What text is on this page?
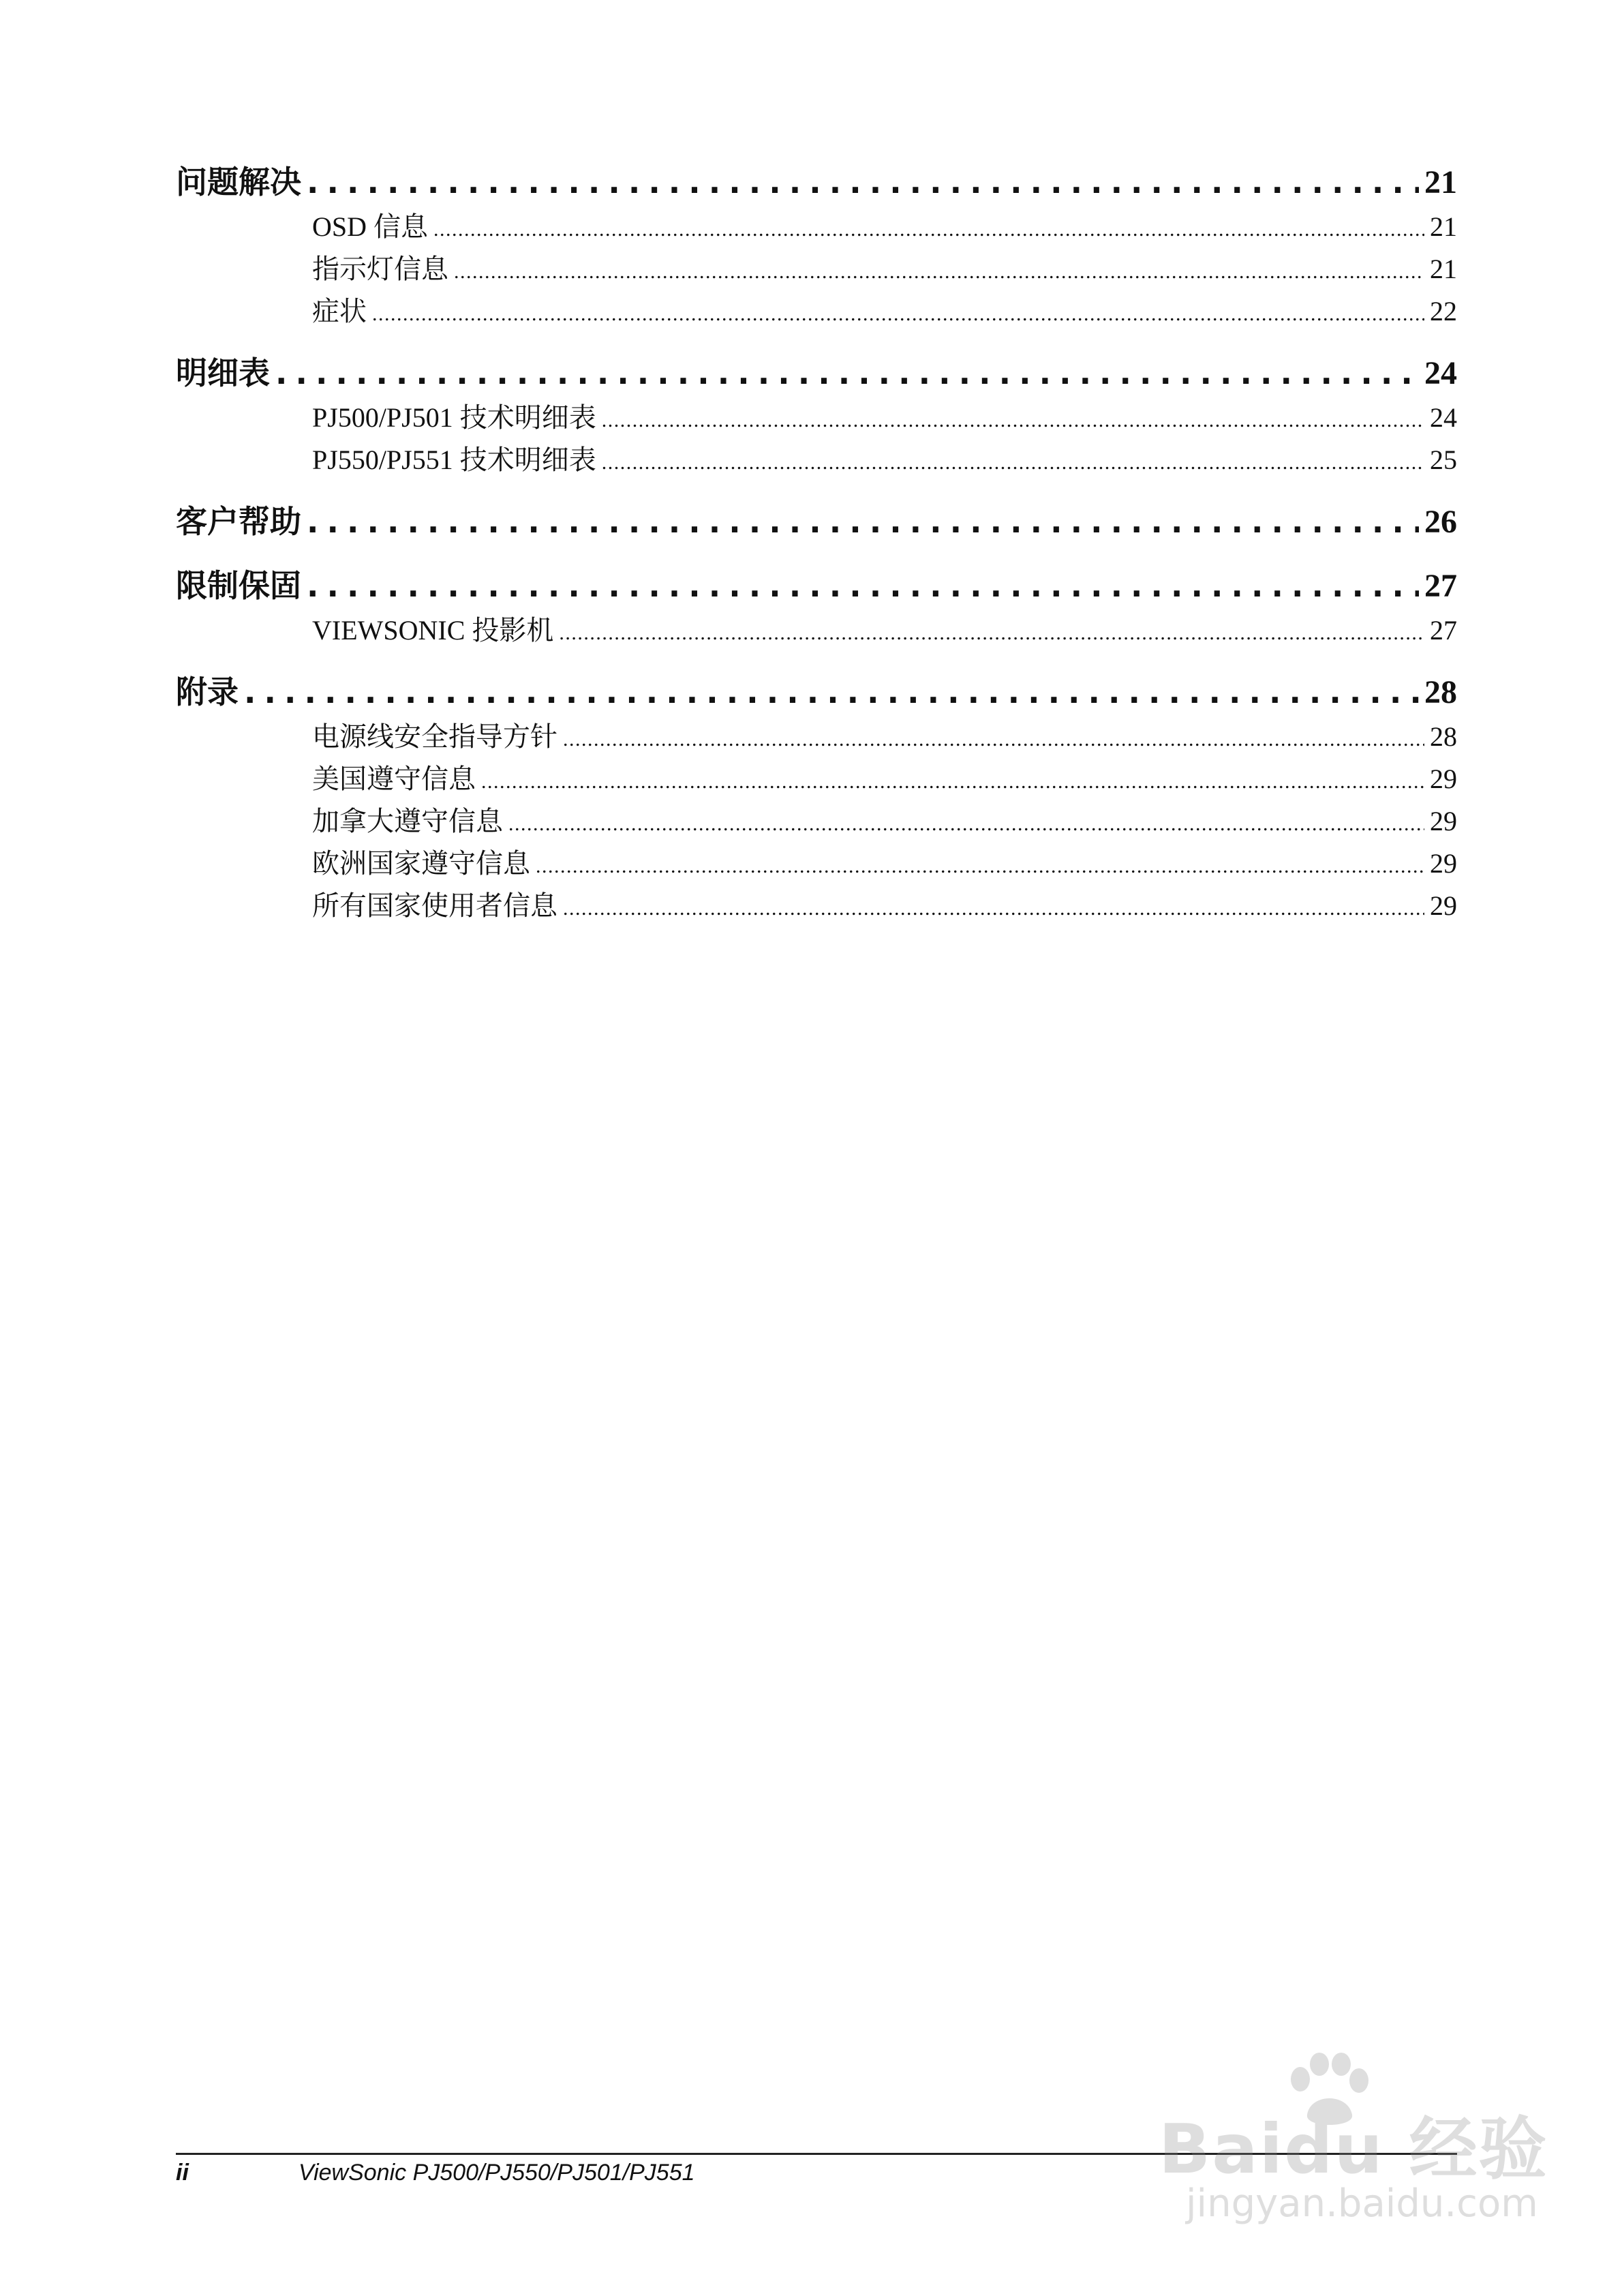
问题解决 . . .	21
OSD 信息 . . .	21
指示灯信息 . . .	21
症状 . . .	22
明细表 . . .	24
PJ500/PJ501 技术明细表 . . .	24
PJ550/PJ551 技术明细表 . . .	25
客户帮助 . . .	26
限制保固 . . .	27
VIEWSONIC 投影机 . . .	27
附录 . . .	28
电源线安全指导方针 . . .	28
美国遵守信息 . . .	29
加拿大遵守信息 . . .	29
欧洲国家遵守信息 . . .	29
所有国家使用者信息 . . .	29
ii	ViewSonic PJ500/PJ550/PJ501/PJ551	Baidu 经验
jingyan.baidu.com
